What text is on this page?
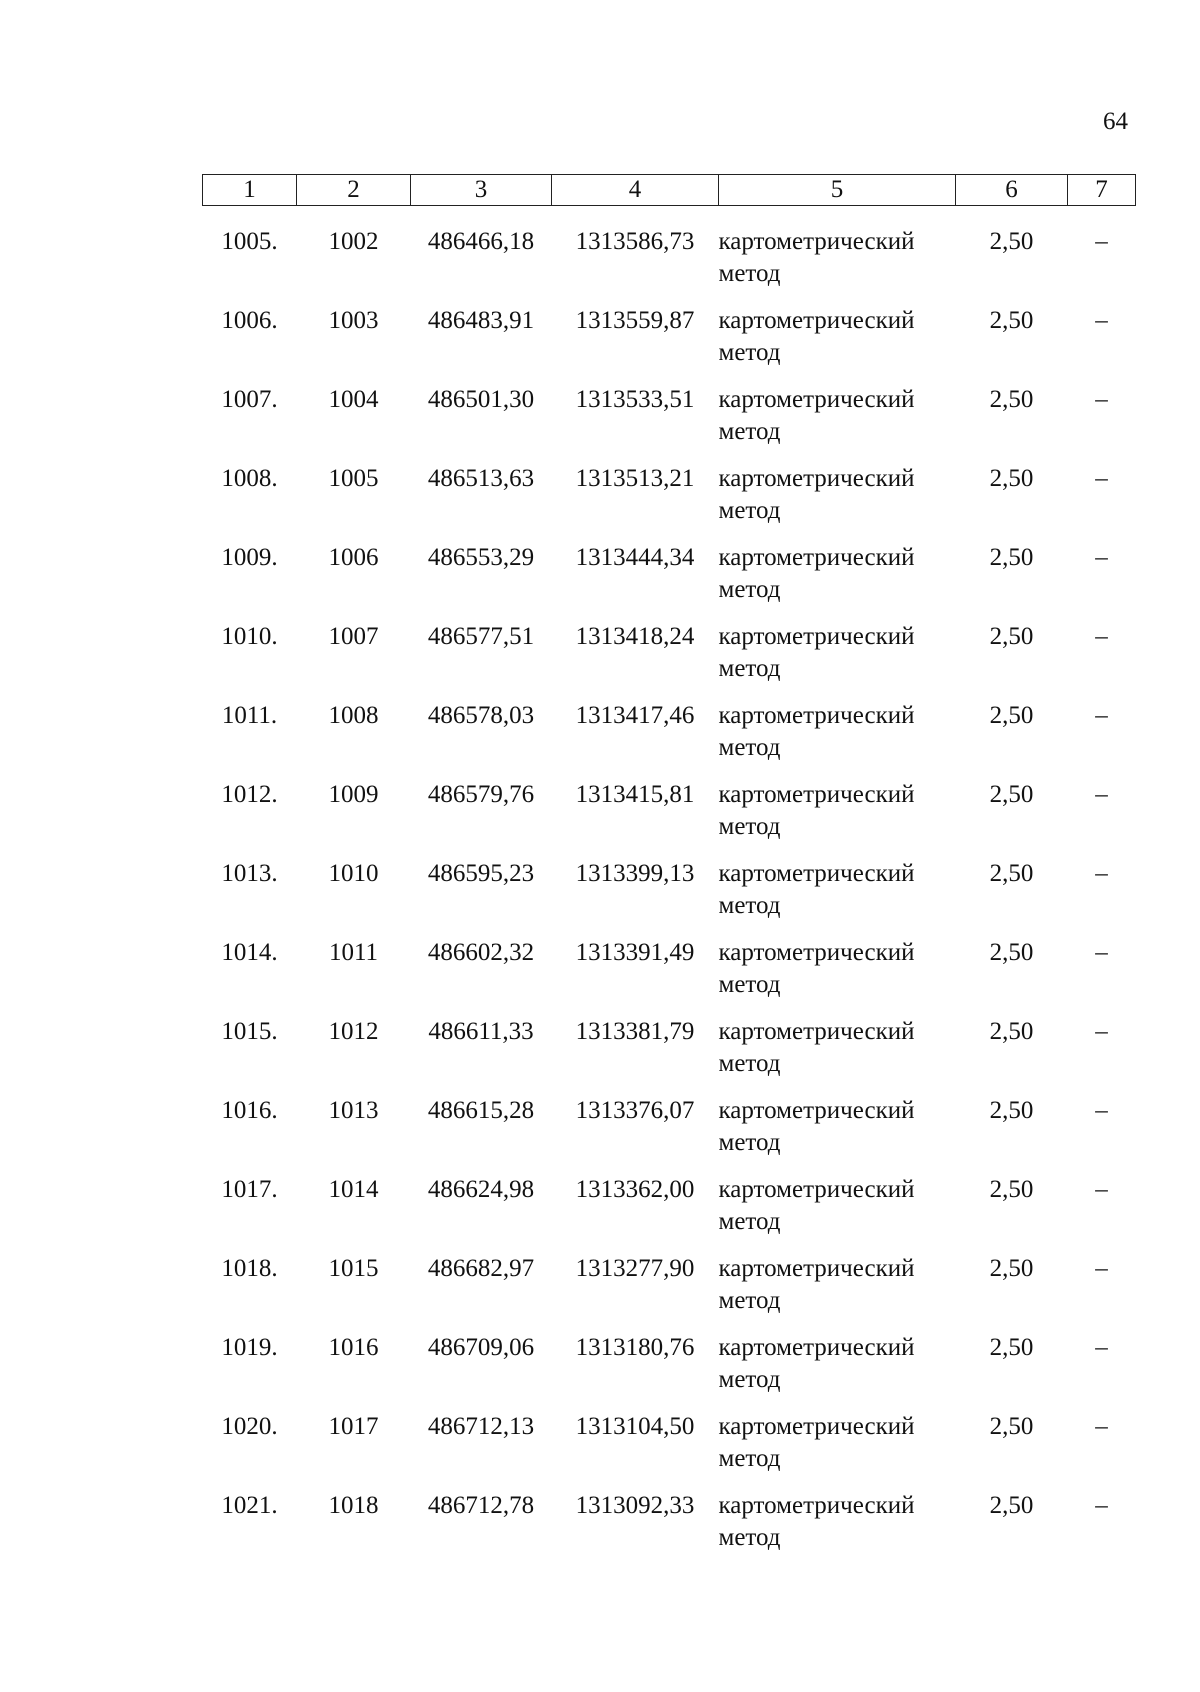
64
1	2	3	4	5	6	7

1005.	1002	486466,18	1313586,73	картометрический метод	2,50	–
1006.	1003	486483,91	1313559,87	картометрический метод	2,50	–
1007.	1004	486501,30	1313533,51	картометрический метод	2,50	–
1008.	1005	486513,63	1313513,21	картометрический метод	2,50	–
1009.	1006	486553,29	1313444,34	картометрический метод	2,50	–
1010.	1007	486577,51	1313418,24	картометрический метод	2,50	–
1011.	1008	486578,03	1313417,46	картометрический метод	2,50	–
1012.	1009	486579,76	1313415,81	картометрический метод	2,50	–
1013.	1010	486595,23	1313399,13	картометрический метод	2,50	–
1014.	1011	486602,32	1313391,49	картометрический метод	2,50	–
1015.	1012	486611,33	1313381,79	картометрический метод	2,50	–
1016.	1013	486615,28	1313376,07	картометрический метод	2,50	–
1017.	1014	486624,98	1313362,00	картометрический метод	2,50	–
1018.	1015	486682,97	1313277,90	картометрический метод	2,50	–
1019.	1016	486709,06	1313180,76	картометрический метод	2,50	–
1020.	1017	486712,13	1313104,50	картометрический метод	2,50	–
1021.	1018	486712,78	1313092,33	картометрический метод	2,50	–
